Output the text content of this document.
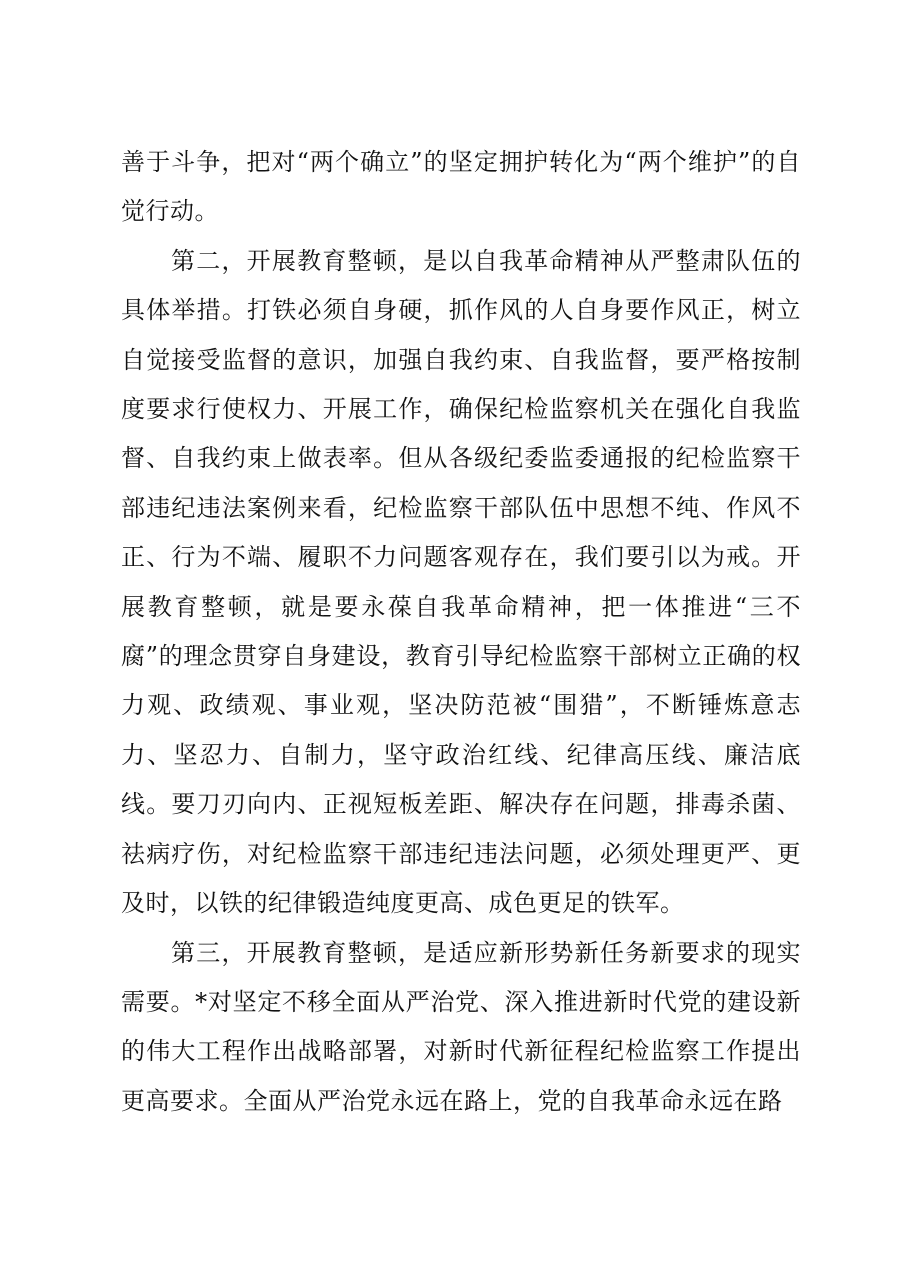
善于斗争，把对“两个确立”的坚定拥护转化为“两个维护”的自觉行动。

第二，开展教育整顿，是以自我革命精神从严整肃队伍的具体举措。打铁必须自身硬，抓作风的人自身要作风正，树立自觉接受监督的意识，加强自我约束、自我监督，要严格按制度要求行使权力、开展工作，确保纪检监察机关在强化自我监督、自我约束上做表率。但从各级纪委监委通报的纪检监察干部违纪违法案例来看，纪检监察干部队伍中思想不纯、作风不正、行为不端、履职不力问题客观存在，我们要引以为戒。开展教育整顿，就是要永葆自我革命精神，把一体推进“三不腐”的理念贯穿自身建设，教育引导纪检监察干部树立正确的权力观、政绩观、事业观，坚决防范被“围猎”，不断锤炼意志力、坚忍力、自制力，坚守政治红线、纪律高压线、廉洁底线。要刀刃向内、正视短板差距、解决存在问题，排毒杀菌、祛病疗伤，对纪检监察干部违纪违法问题，必须处理更严、更及时，以铁的纪律锻造纯度更高、成色更足的铁军。

第三，开展教育整顿，是适应新形势新任务新要求的现实需要。*对坚定不移全面从严治党、深入推进新时代党的建设新的伟大工程作出战略部署，对新时代新征程纪检监察工作提出更高要求。全面从严治党永远在路上，党的自我革命永远在路
